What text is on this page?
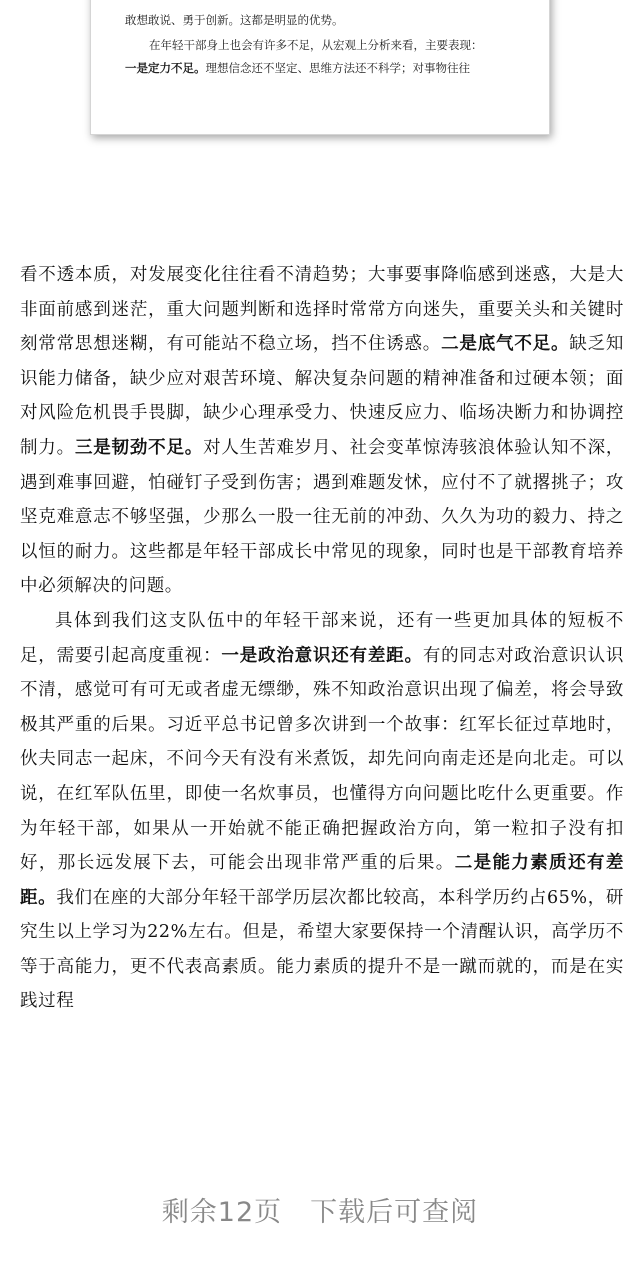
敢想敢说、勇于创新。这都是明显的优势。

在年轻干部身上也会有许多不足，从宏观上分析来看，主要表现：

一是定力不足。理想信念还不坚定、思维方法还不科学；对事物往往

看不透本质，对发展变化往往看不清趋势；大事要事降临感到迷惑，大是大非面前感到迷茫，重大问题判断和选择时常常方向迷失，重要关头和关键时刻常常思想迷糊，有可能站不稳立场，挡不住诱惑。二是底气不足。缺乏知识能力储备，缺少应对艰苦环境、解决复杂问题的精神准备和过硬本领；面对风险危机畏手畏脚，缺少心理承受力、快速反应力、临场决断力和协调控制力。三是韧劲不足。对人生苦难岁月、社会变革惊涛骇浪体验认知不深，遇到难事回避，怕碰钉子受到伤害；遇到难题发怵，应付不了就撂挑子；攻坚克难意志不够坚强，少那么一股一往无前的冲劲、久久为功的毅力、持之以恒的耐力。这些都是年轻干部成长中常见的现象，同时也是干部教育培养中必须解决的问题。

具体到我们这支队伍中的年轻干部来说，还有一些更加具体的短板不足，需要引起高度重视：一是政治意识还有差距。有的同志对政治意识认识不清，感觉可有可无或者虚无缥缈，殊不知政治意识出现了偏差，将会导致极其严重的后果。习近平总书记曾多次讲到一个故事：红军长征过草地时，伙夫同志一起床，不问今天有没有米煮饭，却先问向南走还是向北走。可以说，在红军队伍里，即使一名炊事员，也懂得方向问题比吃什么更重要。作为年轻干部，如果从一开始就不能正确把握政治方向，第一粒扣子没有扣好，那长远发展下去，可能会出现非常严重的后果。二是能力素质还有差距。我们在座的大部分年轻干部学历层次都比较高，本科学历约占65%，研究生以上学习为22%左右。但是，希望大家要保持一个清醒认识，高学历不等于高能力，更不代表高素质。能力素质的提升不是一蹴而就的，而是在实践过程

剩余12页　下载后可查阅
